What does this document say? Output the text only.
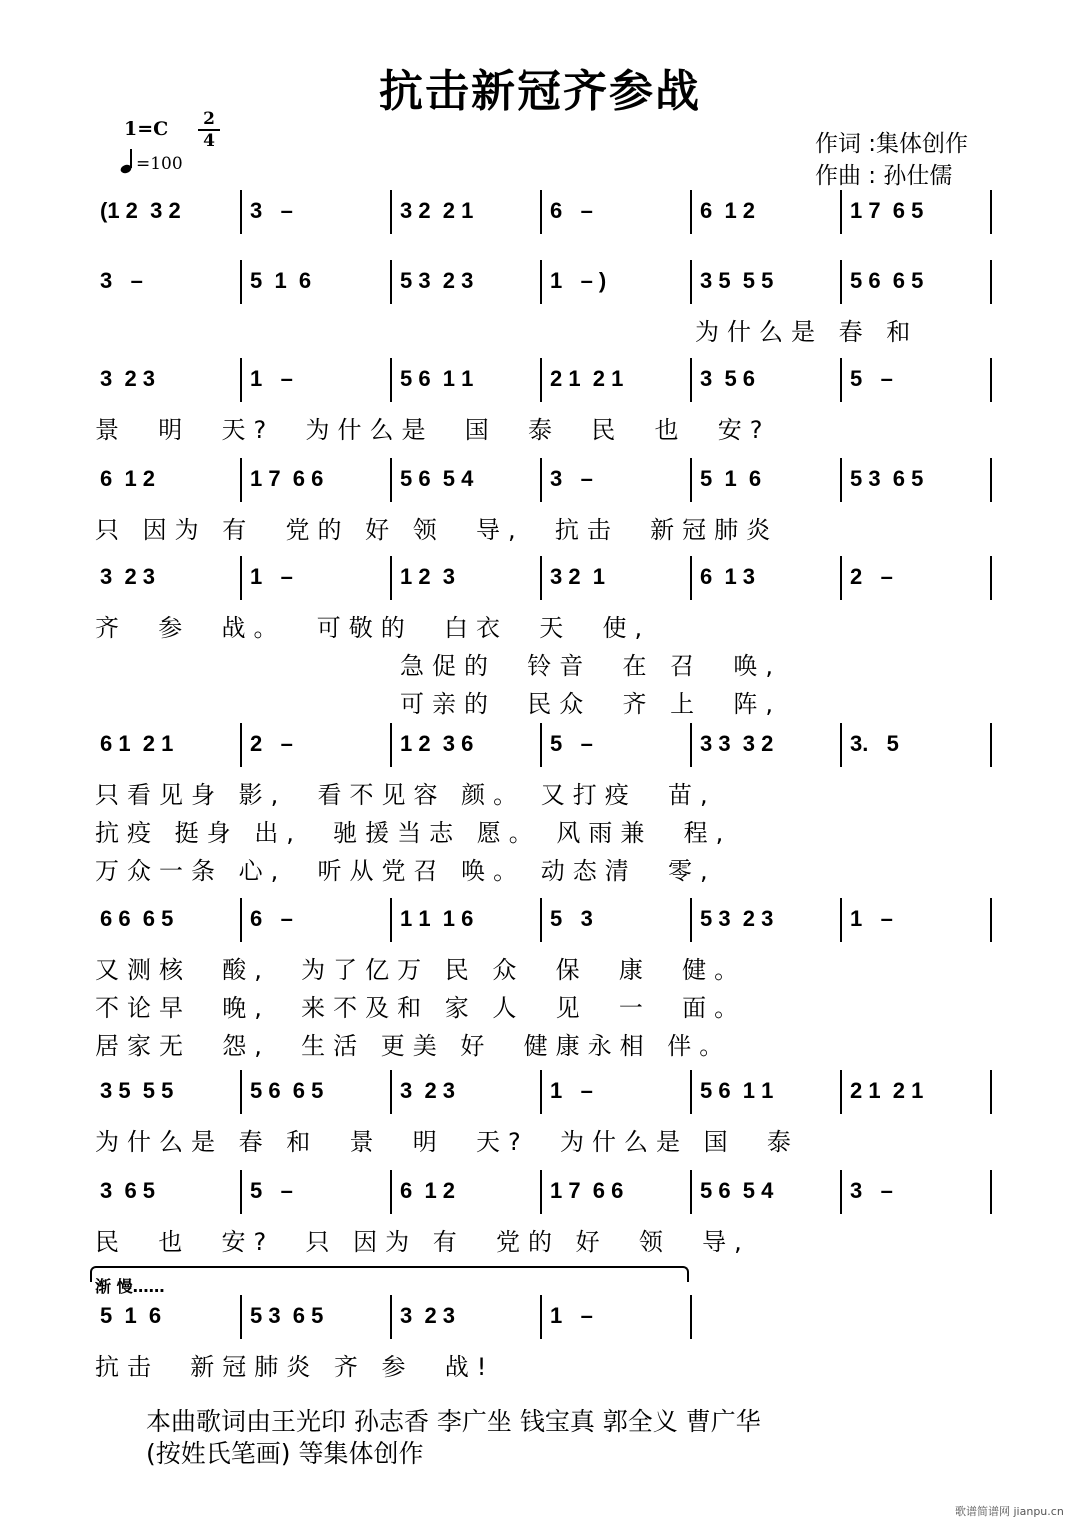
抗击新冠齐参战
1=C 2
4
=100
作词 :集体创作
作曲 : 孙仕儒
(1 2  3 2	3   –	3 2  2 1	6   –	6  1 2	1 7  6 5
3   –	5  1  6	5 3  2 3	1   – )	3 5  5 5	5 6  6 5
为什么是 春 和
3  2 3	1   –	5 6  1 1	2 1  2 1	3  5 6	5   –
景  明  天?  为什么是  国  泰  民  也  安?
6  1 2	1 7  6 6	5 6  5 4	3   –	5  1  6	5 3  6 5
只 因为 有  党的 好 领  导,  抗击  新冠肺炎
3  2 3	1   –	1 2  3	3 2  1	6  1 3	2   –
齐  参  战。  可敬的  白衣  天  使,
急促的  铃音  在 召  唤,
可亲的  民众  齐 上  阵,
6 1  2 1	2   –	1 2  3 6	5   –	3 3  3 2	3.   5
只看见身 影,  看不见容 颜。 又打疫  苗,
抗疫 挺身 出,  驰援当志 愿。 风雨兼  程,
万众一条 心,  听从党召 唤。 动态清  零,
6 6  6 5	6   –	1 1  1 6	5   3	5 3  2 3	1   –
又测核  酸,  为了亿万 民 众  保  康  健。
不论早  晚,  来不及和 家 人  见  一  面。
居家无  怨,  生活 更美 好  健康永相 伴。
3 5  5 5	5 6  6 5	3  2 3	1   –	5 6  1 1	2 1  2 1
为什么是 春 和  景  明  天?  为什么是 国  泰
3  6 5	5   –	6  1 2	1 7  6 6	5 6  5 4	3   –
民  也  安?  只 因为 有  党的 好  领  导,
5  1  6	5 3  6 5	3  2 3	1   –
抗击  新冠肺炎 齐 参  战!
渐 慢……
本曲歌词由王光印 孙志香 李广坐 钱宝真 郭全义 曹广华
(按姓氏笔画) 等集体创作
歌谱简谱网 jianpu.cn
